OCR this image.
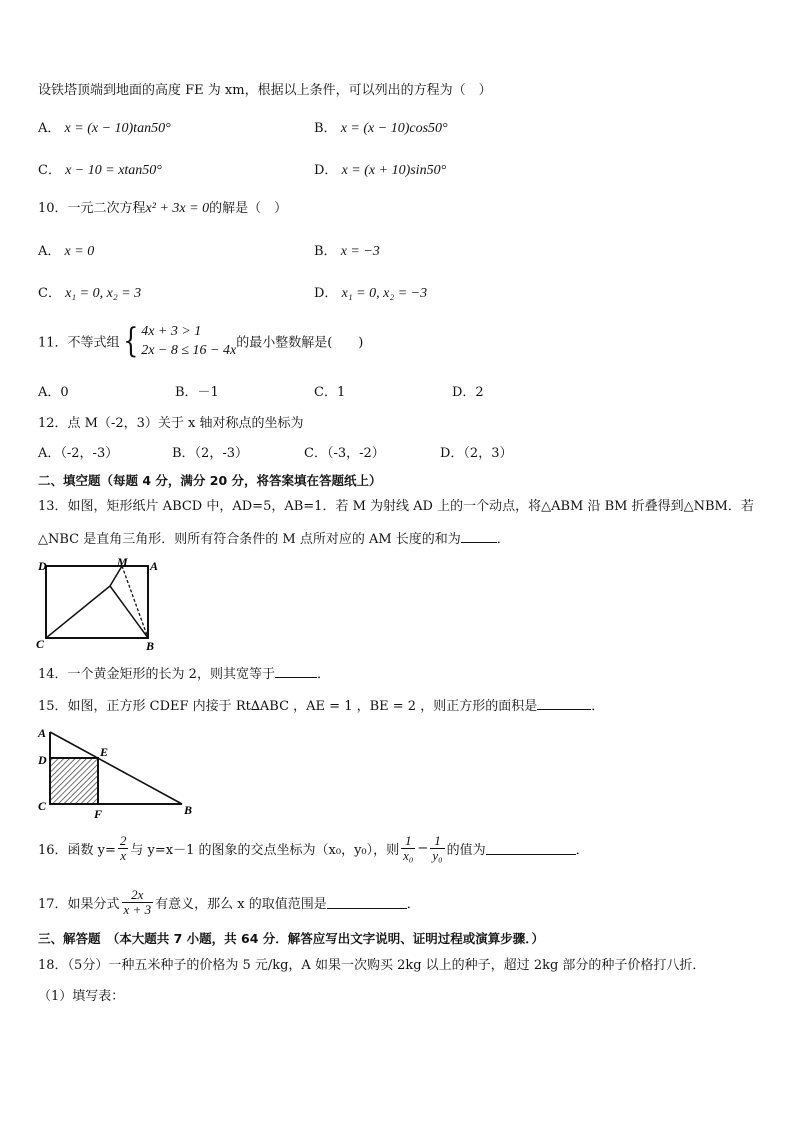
设铁塔顶端到地面的高度 FE 为 xm，根据以上条件，可以列出的方程为（　）
A． x = (x − 10)tan50°	B． x = (x − 10)cos50°
C． x − 10 = xtan50°	D． x = (x + 10)sin50°
10．一元二次方程x² + 3x = 0的解是（　）
A． x = 0	B． x = −3
C． x₁ = 0, x₂ = 3	D． x₁ = 0, x₂ = −3
11．不等式组{ 4x + 3 > 1
2x − 8 ≤ 16 − 4x 的最小整数解是(　　)
A．0	B．－1	C．1	D．2
12．点 M（-2，3）关于 x 轴对称点的坐标为
A．（-2，-3）	B．（2，-3）	C．（-3，-2）	D．（2，3）
二、填空题（每题 4 分，满分 20 分，将答案填在答题纸上）
13．如图，矩形纸片 ABCD 中，AD=5，AB=1．若 M 为射线 AD 上的一个动点，将△ABM 沿 BM 折叠得到△NBM．若
△NBC 是直角三角形．则所有符合条件的 M 点所对应的 AM 长度的和为	．
D	M A
C	B
14．一个黄金矩形的长为 2，则其宽等于	．
15．如图，正方形 CDEF 内接于 Rt∆ABC ，AE = 1 ，BE = 2 ，则正方形的面积是	．
A
E
D
C
F	B
16．函数 $y= \frac{2}{x}$ 与 y=x－1 的图象的交点坐标为（x₀，y₀），则 $\frac{1}{\text{x₀}} - \frac{1}{\text{y₀}}$ 的值为	．
17．如果分式 $\frac{2x}{x + 3}$ 有意义，那么 x 的取值范围是	．
三、解答题　（本大题共 7 小题，共 64 分．解答应写出文字说明、证明过程或演算步骤．）
18．（5分）一种五米种子的价格为 5 元/kg，A 如果一次购买 2kg 以上的种子，超过 2kg 部分的种子价格打八折．
（1）填写表：
